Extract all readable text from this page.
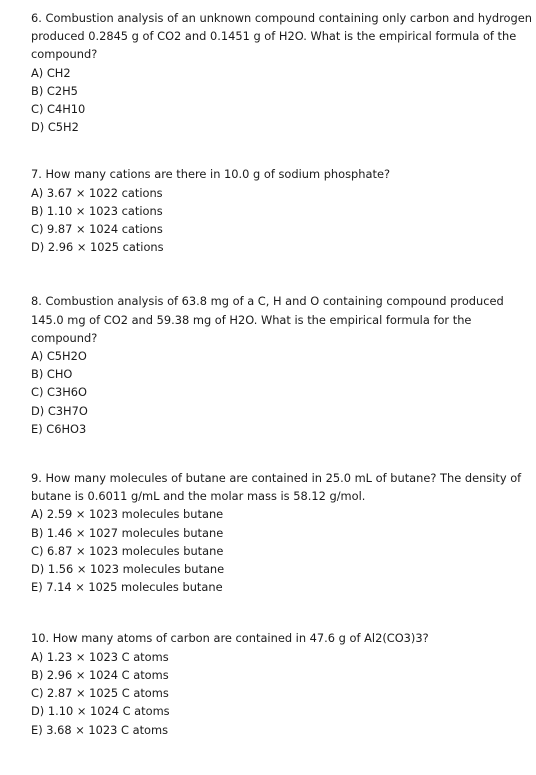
6. Combustion analysis of an unknown compound containing only carbon and hydrogen produced 0.2845 g of CO2 and 0.1451 g of H2O. What is the empirical formula of the compound?

A) CH2

B) C2H5

C) C4H10

D) C5H2

7. How many cations are there in 10.0 g of sodium phosphate?

A) 3.67 × 1022 cations

B) 1.10 × 1023 cations

C) 9.87 × 1024 cations

D) 2.96 × 1025 cations

8. Combustion analysis of 63.8 mg of a C, H and O containing compound produced 145.0 mg of CO2 and 59.38 mg of H2O. What is the empirical formula for the compound?

A) C5H2O

B) CHO

C) C3H6O

D) C3H7O

E) C6HO3

9. How many molecules of butane are contained in 25.0 mL of butane? The density of butane is 0.6011 g/mL and the molar mass is 58.12 g/mol.

A) 2.59 × 1023 molecules butane

B) 1.46 × 1027 molecules butane

C) 6.87 × 1023 molecules butane

D) 1.56 × 1023 molecules butane

E) 7.14 × 1025 molecules butane

10. How many atoms of carbon are contained in 47.6 g of Al2(CO3)3?

A) 1.23 × 1023 C atoms

B) 2.96 × 1024 C atoms

C) 2.87 × 1025 C atoms

D) 1.10 × 1024 C atoms

E) 3.68 × 1023 C atoms
